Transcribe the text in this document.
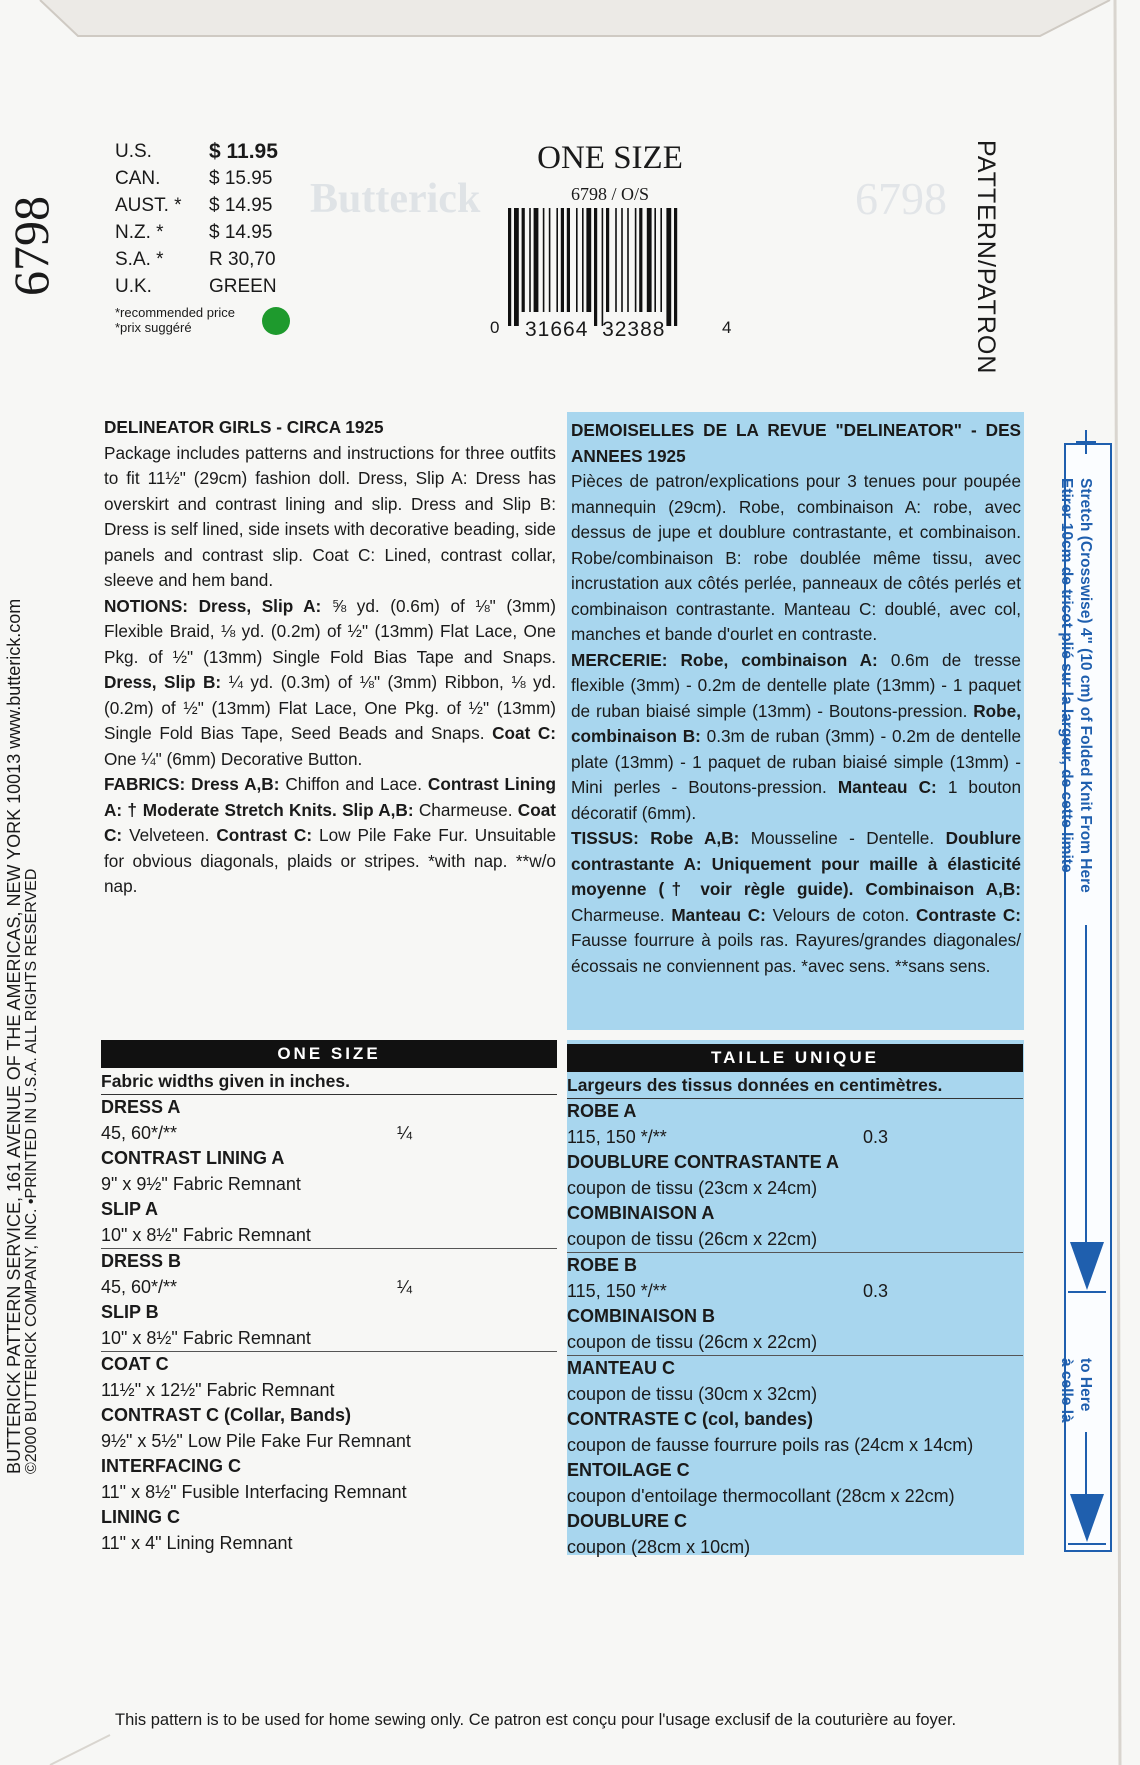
Butterick	6798
6798
BUTTERICK PATTERN SERVICE, 161 AVENUE OF THE AMERICAS, NEW YORK 10013 www.butterick.com ©2000 BUTTERICK COMPANY, INC. •PRINTED IN U.S.A. ALL RIGHTS RESERVED
U.S.	$ 11.95
CAN.	$ 15.95
AUST. *	$ 14.95
N.Z. *	$ 14.95
S.A. *	R 30,70
U.K.	GREEN
*recommended price
*prix suggéré
ONE SIZE
6798 / O/S
0 31664  32388	4	PATTERN/PATRON
DELINEATOR GIRLS - CIRCA 1925
Package includes patterns and instructions for three outfits to fit 11½" (29cm) fashion doll. Dress, Slip A: Dress has overskirt and contrast lining and slip. Dress and Slip B: Dress is self lined, side insets with decorative beading, side panels and contrast slip. Coat C: Lined, contrast collar, sleeve and hem band.
NOTIONS: Dress, Slip A: ⅝ yd. (0.6m) of ⅛" (3mm) Flexible Braid, ⅛ yd. (0.2m) of ½" (13mm) Flat Lace, One Pkg. of ½" (13mm) Single Fold Bias Tape and Snaps. Dress, Slip B: ¼ yd. (0.3m) of ⅛" (3mm) Ribbon, ⅛ yd. (0.2m) of ½" (13mm) Flat Lace, One Pkg. of ½" (13mm) Single Fold Bias Tape, Seed Beads and Snaps. Coat C: One ¼" (6mm) Decorative Button.
FABRICS: Dress A,B: Chiffon and Lace. Contrast Lining A: † Moderate Stretch Knits. Slip A,B: Charmeuse. Coat C: Velveteen. Contrast C: Low Pile Fake Fur. Unsuitable for obvious diagonals, plaids or stripes. *with nap. **w/o nap.
DEMOISELLES DE LA REVUE "DELINEATOR" - DES ANNEES 1925
Pièces de patron/explications pour 3 tenues pour poupée mannequin (29cm). Robe, combinaison A: robe, avec dessus de jupe et doublure contrastante, et combinaison. Robe/combinaison B: robe doublée même tissu, avec incrustation aux côtés perlée, panneaux de côtés perlés et combinaison contrastante. Manteau C: doublé, avec col, manches et bande d'ourlet en contraste.
MERCERIE: Robe, combinaison A: 0.6m de tresse flexible (3mm) - 0.2m de dentelle plate (13mm) - 1 paquet de ruban biaisé simple (13mm) - Boutons-pression. Robe, combinaison B: 0.3m de ruban (3mm) - 0.2m de dentelle plate (13mm) - 1 paquet de ruban biaisé simple (13mm) - Mini perles - Boutons-pression. Manteau C: 1 bouton décoratif (6mm).
TISSUS: Robe A,B: Mousseline - Dentelle. Doublure contrastante A: Uniquement pour maille à élasticité moyenne († voir règle guide). Combinaison A,B: Charmeuse. Manteau C: Velours de coton. Contraste C: Fausse fourrure à poils ras. Rayures/grandes diagonales/écossais ne conviennent pas. *avec sens. **sans sens.
ONE SIZE
Fabric widths given in inches.
DRESS A
45, 60*/**	¼
CONTRAST LINING A
9" x 9½" Fabric Remnant
SLIP A
10" x 8½" Fabric Remnant
DRESS B
45, 60*/**	¼
SLIP B
10" x 8½" Fabric Remnant
COAT C
11½" x 12½" Fabric Remnant
CONTRAST C (Collar, Bands)
9½" x 5½" Low Pile Fake Fur Remnant
INTERFACING C
11" x 8½" Fusible Interfacing Remnant
LINING C
11" x 4" Lining Remnant
TAILLE UNIQUE
Largeurs des tissus données en centimètres.
ROBE A
115, 150 */**	0.3
DOUBLURE CONTRASTANTE A
coupon de tissu (23cm x 24cm)
COMBINAISON A
coupon de tissu (26cm x 22cm)
ROBE B
115, 150 */**	0.3
COMBINAISON B
coupon de tissu (26cm x 22cm)
MANTEAU C
coupon de tissu (30cm x 32cm)
CONTRASTE C (col, bandes)
coupon de fausse fourrure poils ras (24cm x 14cm)
ENTOILAGE C
coupon d'entoilage thermocollant (28cm x 22cm)
DOUBLURE C
coupon (28cm x 10cm)
Stretch (Crosswise) 4" (10 cm) of Folded Knit From Here
Etirer 10cm de tricot plié sur la largeur, de cette limite
to Here
à celle là
This pattern is to be used for home sewing only. Ce patron est conçu pour l'usage exclusif de la couturière au foyer.
